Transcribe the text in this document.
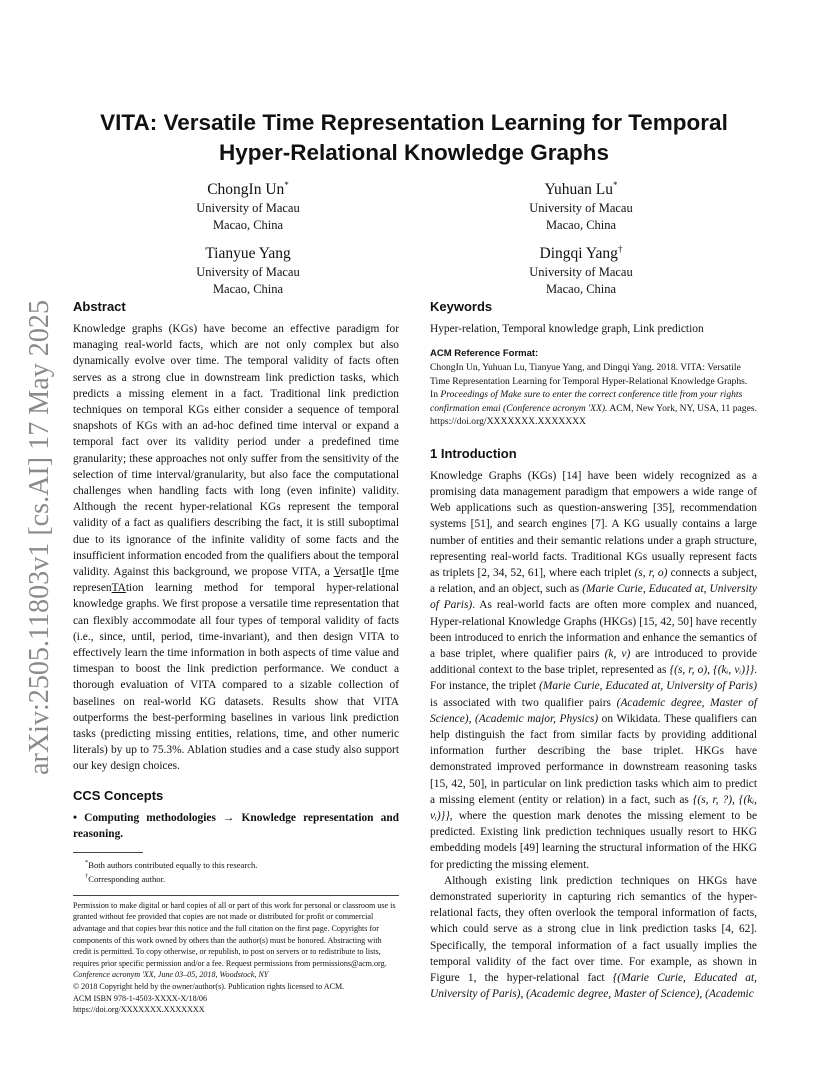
arXiv:2505.11803v1 [cs.AI] 17 May 2025
VITA: Versatile Time Representation Learning for Temporal
Hyper-Relational Knowledge Graphs
ChongIn Un*
University of Macau
Macao, China
Yuhuan Lu*
University of Macau
Macao, China
Tianyue Yang
University of Macau
Macao, China
Dingqi Yang†
University of Macau
Macao, China
Abstract

Knowledge graphs (KGs) have become an effective paradigm for managing real-world facts, which are not only complex but also dynamically evolve over time. The temporal validity of facts often serves as a strong clue in downstream link prediction tasks, which predicts a missing element in a fact. Traditional link prediction techniques on temporal KGs either consider a sequence of temporal snapshots of KGs with an ad-hoc defined time interval or expand a temporal fact over its validity period under a predefined time granularity; these approaches not only suffer from the sensitivity of the selection of time interval/granularity, but also face the computational challenges when handling facts with long (even infinite) validity. Although the recent hyper-relational KGs represent the temporal validity of a fact as qualifiers describing the fact, it is still suboptimal due to its ignorance of the infinite validity of some facts and the insufficient information encoded from the qualifiers about the temporal validity. Against this background, we propose VITA, a VersatIle tIme represenTAtion learning method for temporal hyper-relational knowledge graphs. We first propose a versatile time representation that can flexibly accommodate all four types of temporal validity of facts (i.e., since, until, period, time-invariant), and then design VITA to effectively learn the time information in both aspects of time value and timespan to boost the link prediction performance. We conduct a thorough evaluation of VITA compared to a sizable collection of baselines on real-world KG datasets. Results show that VITA outperforms the best-performing baselines in various link prediction tasks (predicting missing entities, relations, time, and other numeric literals) by up to 75.3%. Ablation studies and a case study also support our key design choices.

CCS Concepts

• Computing methodologies → Knowledge representation and reasoning.

*Both authors contributed equally to this research.
†Corresponding author.

Permission to make digital or hard copies of all or part of this work for personal or classroom use is granted without fee provided that copies are not made or distributed for profit or commercial advantage and that copies bear this notice and the full citation on the first page. Copyrights for components of this work owned by others than the author(s) must be honored. Abstracting with credit is permitted. To copy otherwise, or republish, to post on servers or to redistribute to lists, requires prior specific permission and/or a fee. Request permissions from permissions@acm.org.

Conference acronym 'XX, June 03–05, 2018, Woodstock, NY

© 2018 Copyright held by the owner/author(s). Publication rights licensed to ACM.

ACM ISBN 978-1-4503-XXXX-X/18/06

https://doi.org/XXXXXXX.XXXXXXX

Keywords

Hyper-relation, Temporal knowledge graph, Link prediction

ACM Reference Format:

ChongIn Un, Yuhuan Lu, Tianyue Yang, and Dingqi Yang. 2018. VITA: Versatile Time Representation Learning for Temporal Hyper-Relational Knowledge Graphs. In Proceedings of Make sure to enter the correct conference title from your rights confirmation emai (Conference acronym 'XX). ACM, New York, NY, USA, 11 pages. https://doi.org/XXXXXXX.XXXXXXX

1 Introduction

Knowledge Graphs (KGs) [14] have been widely recognized as a promising data management paradigm that empowers a wide range of Web applications such as question-answering [35], recommendation systems [51], and search engines [7]. A KG usually contains a large number of entities and their semantic relations under a graph structure, representing real-world facts. Traditional KGs usually represent facts as triplets [2, 34, 52, 61], where each triplet (s, r, o) connects a subject, a relation, and an object, such as (Marie Curie, Educated at, University of Paris). As real-world facts are often more complex and nuanced, Hyper-relational Knowledge Graphs (HKGs) [15, 42, 50] have recently been introduced to enrich the information and enhance the semantics of a base triplet, where qualifier pairs (k, v) are introduced to provide additional context to the base triplet, represented as {(s, r, o), {(kᵢ, vᵢ)}}. For instance, the triplet (Marie Curie, Educated at, University of Paris) is associated with two qualifier pairs (Academic degree, Master of Science), (Academic major, Physics) on Wikidata. These qualifiers can help distinguish the fact from similar facts by providing additional information further describing the base triplet. HKGs have demonstrated improved performance in downstream reasoning tasks [15, 42, 50], in particular on link prediction tasks which aim to predict a missing element (entity or relation) in a fact, such as {(s, r, ?), {(kᵢ, vᵢ)}}, where the question mark denotes the missing element to be predicted. Existing link prediction techniques usually resort to HKG embedding models [49] learning the structural information of the HKG for predicting the missing element.

Although existing link prediction techniques on HKGs have demonstrated superiority in capturing rich semantics of the hyper-relational facts, they often overlook the temporal information of facts, which could serve as a strong clue in link prediction tasks [4, 62]. Specifically, the temporal information of a fact usually implies the temporal validity of the fact over time. For example, as shown in Figure 1, the hyper-relational fact {(Marie Curie, Educated at, University of Paris), (Academic degree, Master of Science), (Academic
